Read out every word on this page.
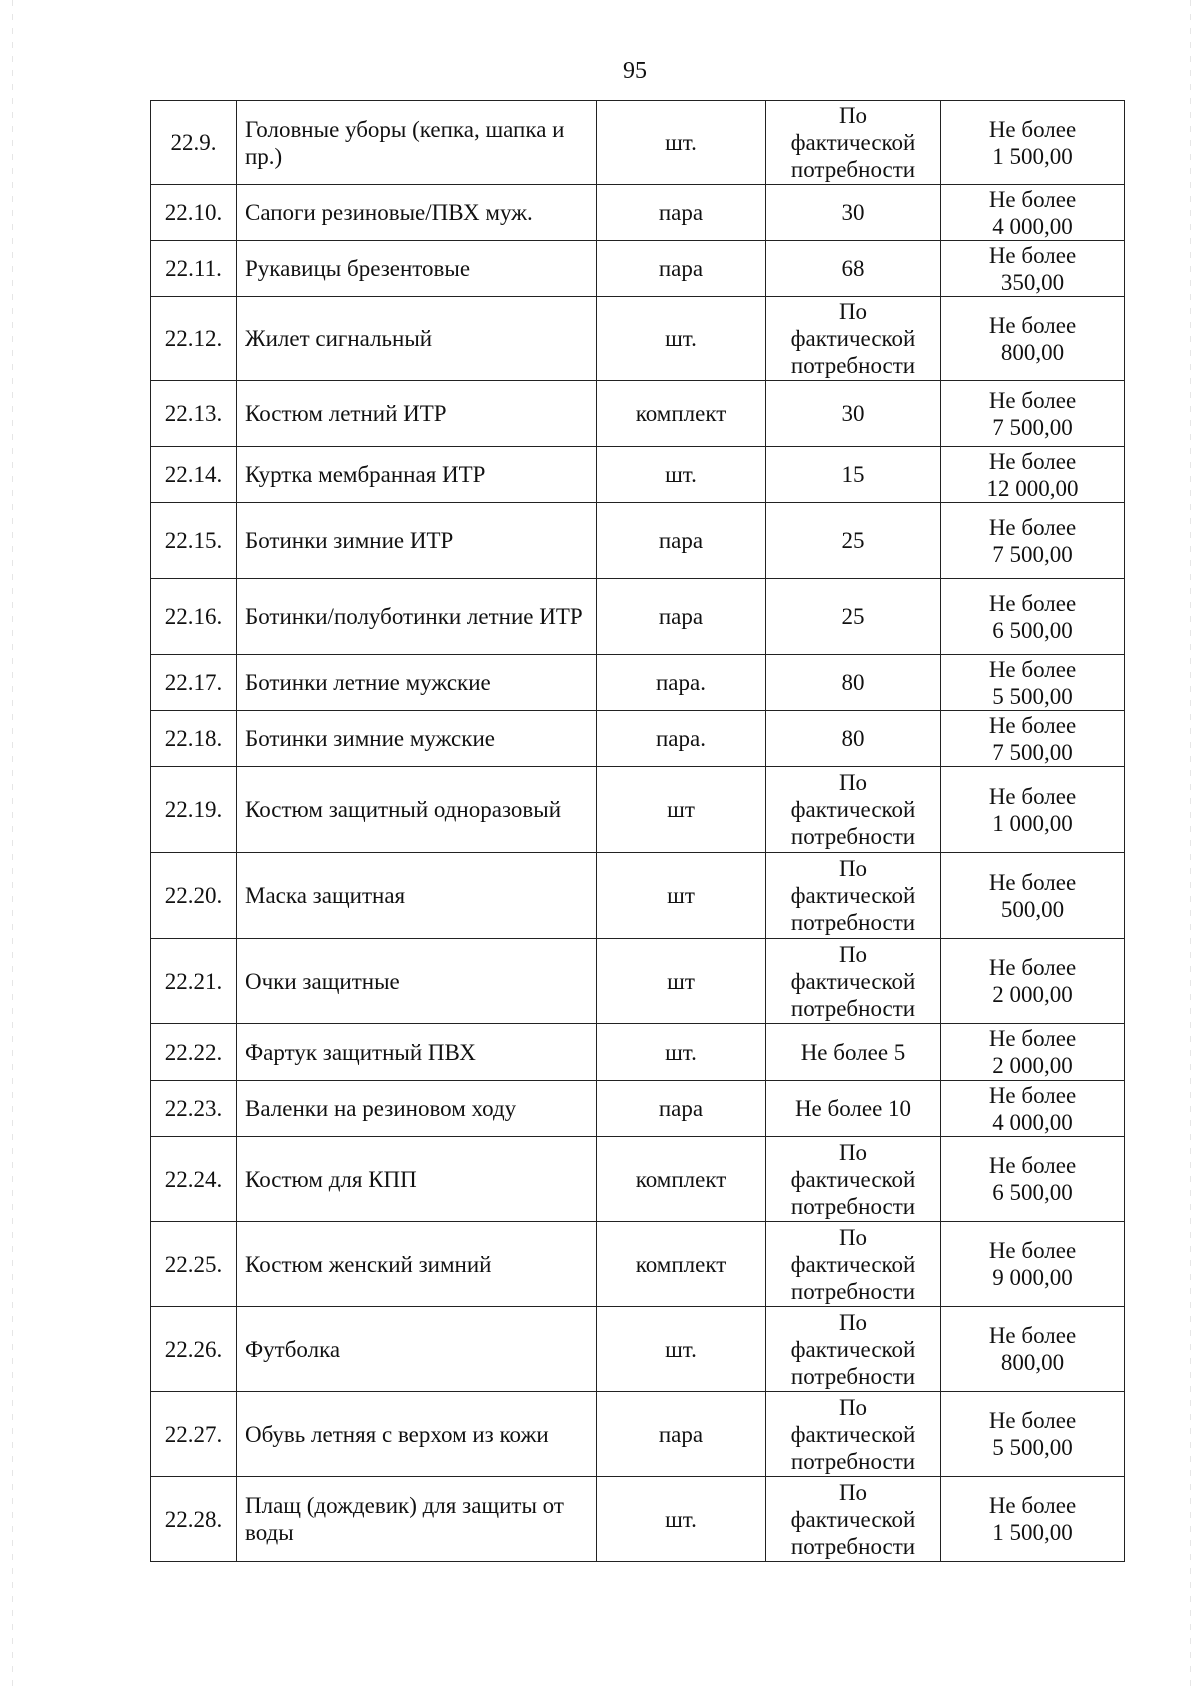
95
22.9.	Головные уборы (кепка, шапка и пр.)	шт.	По фактической потребности	Не более
1 500,00
22.10.	Сапоги резиновые/ПВХ муж.	пара	30	Не более
4 000,00
22.11.	Рукавицы брезентовые	пара	68	Не более
350,00
22.12.	Жилет сигнальный	шт.	По фактической потребности	Не более
800,00
22.13.	Костюм летний ИТР	комплект	30	Не более
7 500,00
22.14.	Куртка мембранная ИТР	шт.	15	Не более
12 000,00
22.15.	Ботинки зимние ИТР	пара	25	Не более
7 500,00
22.16.	Ботинки/полуботинки летние ИТР	пара	25	Не более
6 500,00
22.17.	Ботинки летние мужские	пара.	80	Не более
5 500,00
22.18.	Ботинки зимние мужские	пара.	80	Не более
7 500,00
22.19.	Костюм защитный одноразовый	шт	По фактической потребности	Не более
1 000,00
22.20.	Маска защитная	шт	По фактической потребности	Не более
500,00
22.21.	Очки защитные	шт	По фактической потребности	Не более
2 000,00
22.22.	Фартук защитный ПВХ	шт.	Не более 5	Не более
2 000,00
22.23.	Валенки на резиновом ходу	пара	Не более 10	Не более
4 000,00
22.24.	Костюм для КПП	комплект	По фактической потребности	Не более
6 500,00
22.25.	Костюм женский зимний	комплект	По фактической потребности	Не более
9 000,00
22.26.	Футболка	шт.	По фактической потребности	Не более
800,00
22.27.	Обувь летняя с верхом из кожи	пара	По фактической потребности	Не более
5 500,00
22.28.	Плащ (дождевик) для защиты от воды	шт.	По фактической потребности	Не более
1 500,00
